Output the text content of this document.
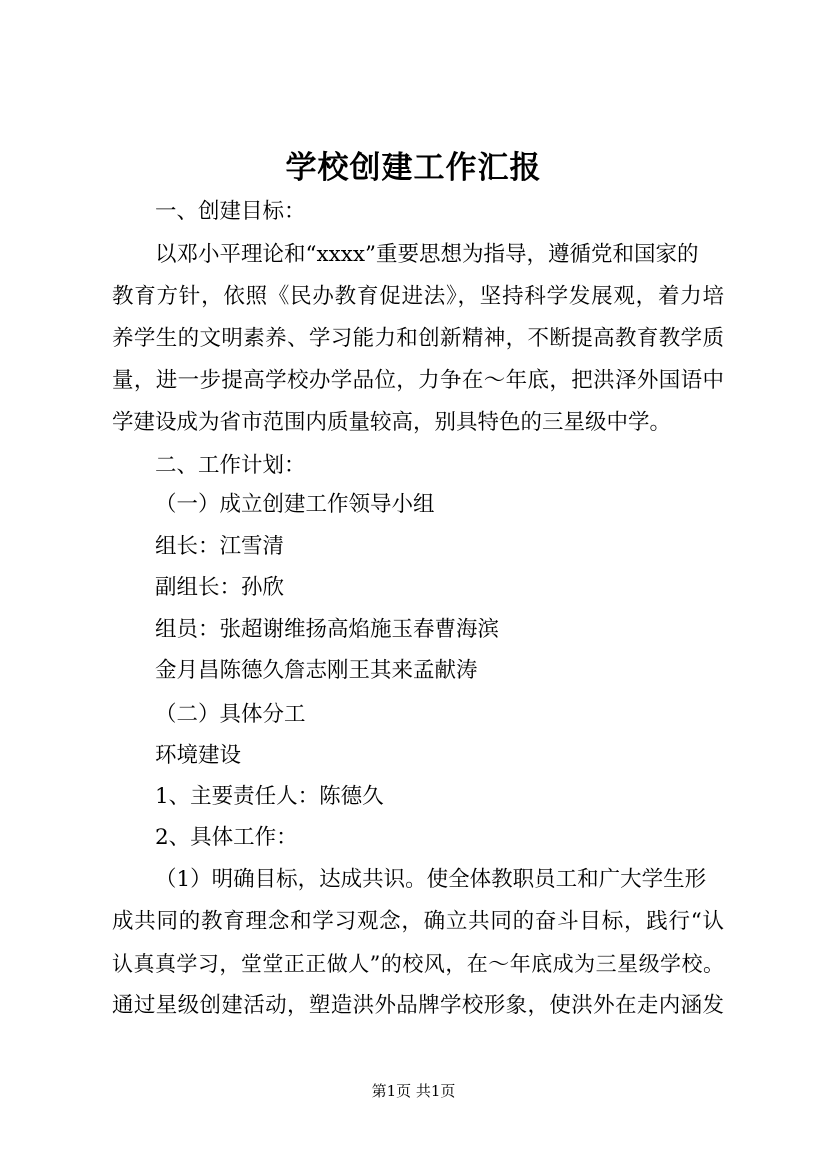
学校创建工作汇报
一、创建目标：
以邓小平理论和“xxxx”重要思想为指导，遵循党和国家的
教育方针，依照《民办教育促进法》，坚持科学发展观，着力培
养学生的文明素养、学习能力和创新精神，不断提高教育教学质
量，进一步提高学校办学品位，力争在～年底，把洪泽外国语中
学建设成为省市范围内质量较高，别具特色的三星级中学。
二、工作计划：
（一）成立创建工作领导小组
组长：江雪清
副组长：孙欣
组员：张超谢维扬高焰施玉春曹海滨
金月昌陈德久詹志刚王其来孟献涛
（二）具体分工
环境建设
1、主要责任人：陈德久
2、具体工作：
（1）明确目标，达成共识。使全体教职员工和广大学生形
成共同的教育理念和学习观念，确立共同的奋斗目标，践行“认
认真真学习，堂堂正正做人”的校风，在～年底成为三星级学校。
通过星级创建活动，塑造洪外品牌学校形象，使洪外在走内涵发
第1页 共1页
